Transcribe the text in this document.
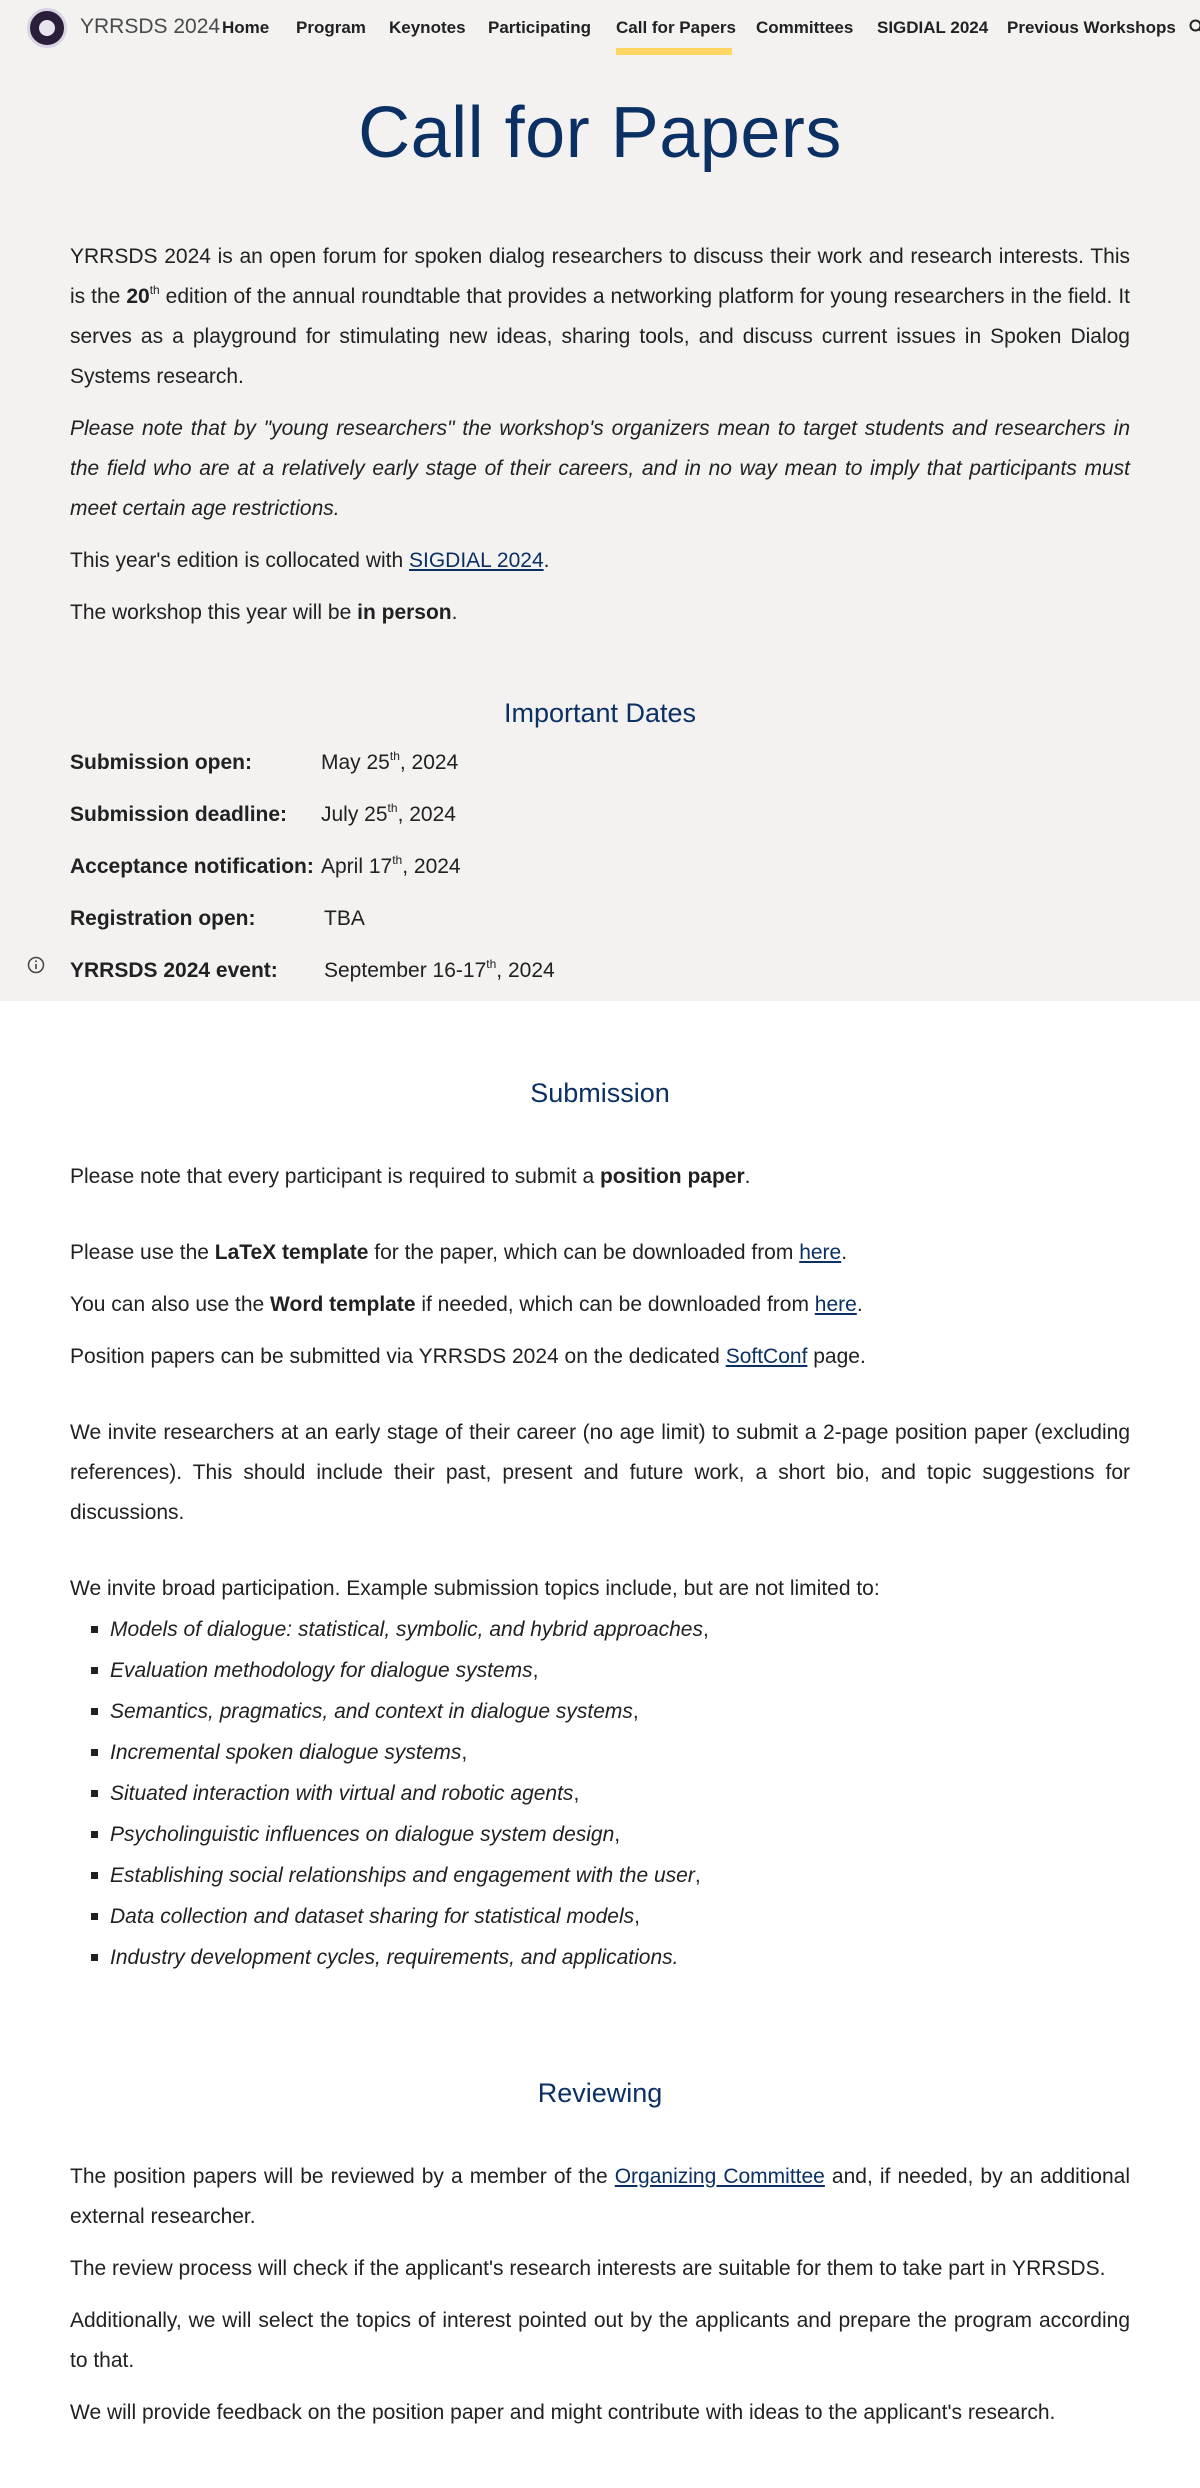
YRRSDS 2024 Home Program Keynotes Participating Call for Papers Committees SIGDIAL 2024 Previous Workshops
Call for Papers

YRRSDS 2024 is an open forum for spoken dialog researchers to discuss their work and research interests. This is the 20th edition of the annual roundtable that provides a networking platform for young researchers in the field. It serves as a playground for stimulating new ideas, sharing tools, and discuss current issues in Spoken Dialog Systems research.

Please note that by "young researchers" the workshop's organizers mean to target students and researchers in the field who are at a relatively early stage of their careers, and in no way mean to imply that participants must meet certain age restrictions.

This year's edition is collocated with SIGDIAL 2024.

The workshop this year will be in person.

Important Dates
Submission open:	May 25th, 2024
Submission deadline: July 25th, 2024
Acceptance notification: April 17th, 2024
Registration open:	TBA
YRRSDS 2024 event: September 16-17th, 2024
Submission

Please note that every participant is required to submit a position paper.

Please use the LaTeX template for the paper, which can be downloaded from here.

You can also use the Word template if needed, which can be downloaded from here.

Position papers can be submitted via YRRSDS 2024 on the dedicated SoftConf page.

We invite researchers at an early stage of their career (no age limit) to submit a 2-page position paper (excluding references). This should include their past, present and future work, a short bio, and topic suggestions for discussions.

We invite broad participation. Example submission topics include, but are not limited to:

Models of dialogue: statistical, symbolic, and hybrid approaches,
Evaluation methodology for dialogue systems,
Semantics, pragmatics, and context in dialogue systems,
Incremental spoken dialogue systems,
Situated interaction with virtual and robotic agents,
Psycholinguistic influences on dialogue system design,
Establishing social relationships and engagement with the user,
Data collection and dataset sharing for statistical models,
Industry development cycles, requirements, and applications.
Reviewing

The position papers will be reviewed by a member of the Organizing Committee and, if needed, by an additional external researcher.

The review process will check if the applicant's research interests are suitable for them to take part in YRRSDS.

Additionally, we will select the topics of interest pointed out by the applicants and prepare the program according to that.

We will provide feedback on the position paper and might contribute with ideas to the applicant's research.
